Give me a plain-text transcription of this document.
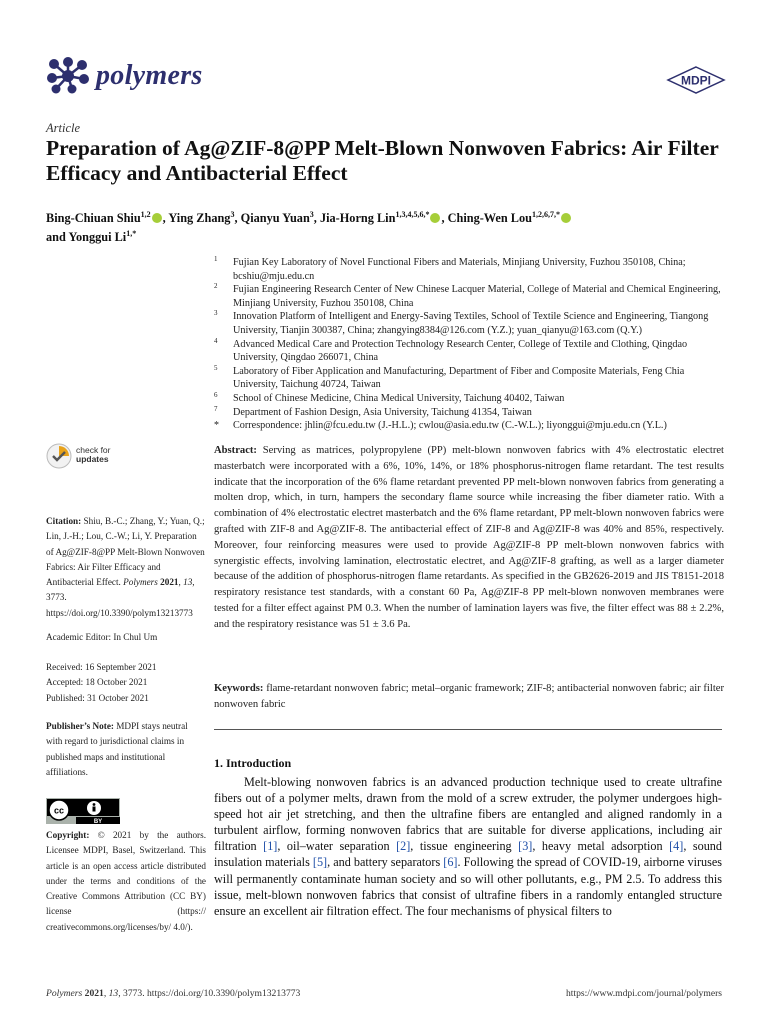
polymers	MDPI
Article
Preparation of Ag@ZIF-8@PP Melt-Blown Nonwoven Fabrics: Air Filter Efficacy and Antibacterial Effect
Bing-Chiuan Shiu$^{1,2}$ , Ying Zhang$^3$, Qianyu Yuan$^3$, Jia-Horng Lin$^{1,3,4,5,6,*}$ , Ching-Wen Lou$^{1,2,6,7,*}$
and Yonggui $Li^{1,*}$
1 Fujian Key Laboratory of Novel Functional Fibers and Materials, Minjiang University, Fuzhou 350108, China; bcshiu@mju.edu.cn
2 Fujian Engineering Research Center of New Chinese Lacquer Material, College of Material and Chemical Engineering, Minjiang University, Fuzhou 350108, China
3 Innovation Platform of Intelligent and Energy-Saving Textiles, School of Textile Science and Engineering, Tiangong University, Tianjin 300387, China; zhangying8384@126.com (Y.Z.); yuan_qianyu@163.com (Q.Y.)
4 Advanced Medical Care and Protection Technology Research Center, College of Textile and Clothing, Qingdao University, Qingdao 266071, China
5 Laboratory of Fiber Application and Manufacturing, Department of Fiber and Composite Materials, Feng Chia University, Taichung 40724, Taiwan
6 School of Chinese Medicine, China Medical University, Taichung 40402, Taiwan
7 Department of Fashion Design, Asia University, Taichung 41354, Taiwan
* Correspondence: jhlin@fcu.edu.tw (J.-H.L.); cwlou@asia.edu.tw (C.-W.L.); liyonggui@mju.edu.cn (Y.L.)
check for
updates
Citation: Shiu, B.-C.; Zhang, Y.; Yuan, Q.; Lin, J.-H.; Lou, C.-W.; Li, Y. Preparation of Ag@ZIF-8@PP Melt-Blown Nonwoven Fabrics: Air Filter Efficacy and Antibacterial Effect. Polymers 2021, 13, 3773. https://doi.org/10.3390/polym13213773
Academic Editor: In Chul Um
Received: 16 September 2021
Accepted: 18 October 2021
Published: 31 October 2021
Publisher’s Note: MDPI stays neutral with regard to jurisdictional claims in published maps and institutional affiliations.
cc
BY
Copyright: © 2021 by the authors. Licensee MDPI, Basel, Switzerland. This article is an open access article distributed under the terms and conditions of the Creative Commons Attribution (CC BY) license (https:// creativecommons.org/licenses/by/ 4.0/).
Abstract: Serving as matrices, polypropylene (PP) melt-blown nonwoven fabrics with 4% electrostatic electret masterbatch were incorporated with a 6%, 10%, 14%, or 18% phosphorus-nitrogen flame retardant. The test results indicate that the incorporation of the 6% flame retardant prevented PP melt-blown nonwoven fabrics from generating a molten drop, which, in turn, hampers the secondary flame source while increasing the fiber diameter ratio. With a combination of 4% electrostatic electret masterbatch and the 6% flame retardant, PP melt-blown nonwoven fabrics were grafted with ZIF-8 and Ag@ZIF-8. The antibacterial effect of ZIF-8 and Ag@ZIF-8 was 40% and 85%, respectively. Moreover, four reinforcing measures were used to provide Ag@ZIF-8 PP melt-blown nonwoven fabrics with synergistic effects, involving lamination, electrostatic electret, and Ag@ZIF-8 grafting, as well as a larger diameter because of the addition of phosphorus-nitrogen flame retardants. As specified in the GB2626-2019 and JIS T8151-2018 respiratory resistance test standards, with a constant 60 Pa, Ag@ZIF-8 PP melt-blown nonwoven membranes were tested for a filter effect against PM 0.3. When the number of lamination layers was five, the filter effect was 88 ± 2.2%, and the respiratory resistance was 51 ± 3.6 Pa.
Keywords: flame-retardant nonwoven fabric; metal–organic framework; ZIF-8; antibacterial nonwoven fabric; air filter nonwoven fabric
1. Introduction
Melt-blowing nonwoven fabrics is an advanced production technique used to create ultrafine fibers out of a polymer melts, drawn from the mold of a screw extruder, the polymer undergoes high-speed hot air jet stretching, and then the ultrafine fibers are entangled and aligned randomly in a turbulent airflow, forming nonwoven fabrics that are suitable for diverse applications, including air filtration [1], oil–water separation [2], tissue engineering [3], heavy metal adsorption [4], sound insulation materials [5], and battery separators [6]. Following the spread of COVID-19, airborne viruses will permanently contaminate human society and so will other pollutants, e.g., PM 2.5. To address this issue, melt-blown nonwoven fabrics that consist of ultrafine fibers in a randomly entangled structure ensure an excellent air filtration effect. The four mechanisms of physical filters to
Polymers 2021, 13, 3773. https://doi.org/10.3390/polym13213773	https://www.mdpi.com/journal/polymers
